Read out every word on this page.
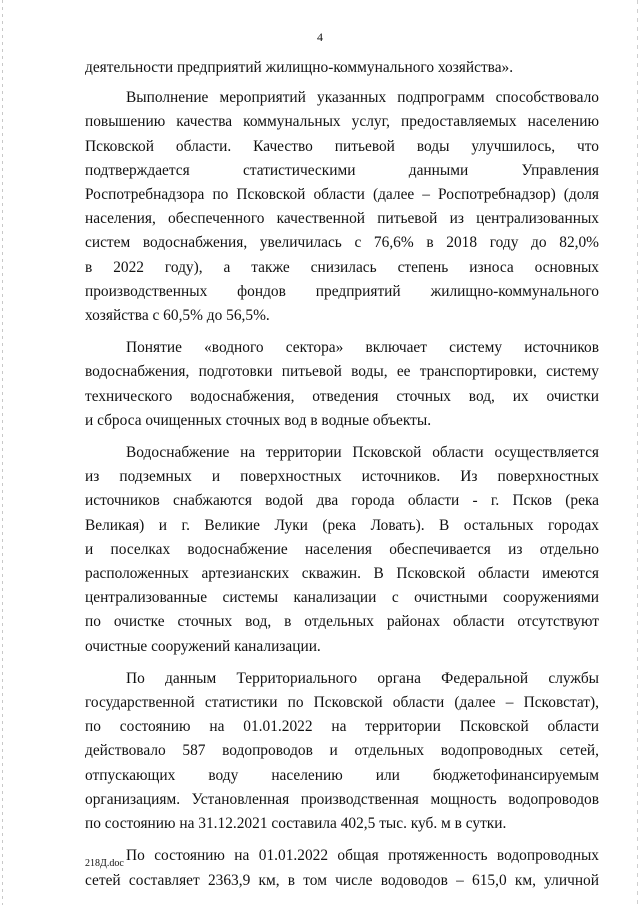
4

деятельности предприятий жилищно-коммунального хозяйства».

Выполнение мероприятий указанных подпрограмм способствовало
повышению качества коммунальных услуг, предоставляемых населению
Псковской области. Качество питьевой воды улучшилось, что
подтверждается статистическими данными Управления
Роспотребнадзора по Псковской области (далее – Роспотребнадзор) (доля
населения, обеспеченного качественной питьевой из централизованных
систем водоснабжения, увеличилась с 76,6% в 2018 году до 82,0%
в 2022 году), а также снизилась степень износа основных
производственных фондов предприятий жилищно-коммунального
хозяйства с 60,5% до 56,5%.

Понятие «водного сектора» включает систему источников
водоснабжения, подготовки питьевой воды, ее транспортировки, систему
технического водоснабжения, отведения сточных вод, их очистки
и сброса очищенных сточных вод в водные объекты.

Водоснабжение на территории Псковской области осуществляется
из подземных и поверхностных источников. Из поверхностных
источников снабжаются водой два города области - г. Псков (река
Великая) и г. Великие Луки (река Ловать). В остальных городах
и поселках водоснабжение населения обеспечивается из отдельно
расположенных артезианских скважин. В Псковской области имеются
централизованные системы канализации с очистными сооружениями
по очистке сточных вод, в отдельных районах области отсутствуют
очистные сооружений канализации.

По данным Территориального органа Федеральной службы
государственной статистики по Псковской области (далее – Псковстат),
по состоянию на 01.01.2022 на территории Псковской области
действовало 587 водопроводов и отдельных водопроводных сетей,
отпускающих воду населению или бюджетофинансируемым
организациям. Установленная производственная мощность водопроводов
по состоянию на 31.12.2021 составила 402,5 тыс. куб. м в сутки.

По состоянию на 01.01.2022 общая протяженность водопроводных
сетей составляет 2363,9 км, в том числе водоводов – 615,0 км, уличной

218Д.doc
